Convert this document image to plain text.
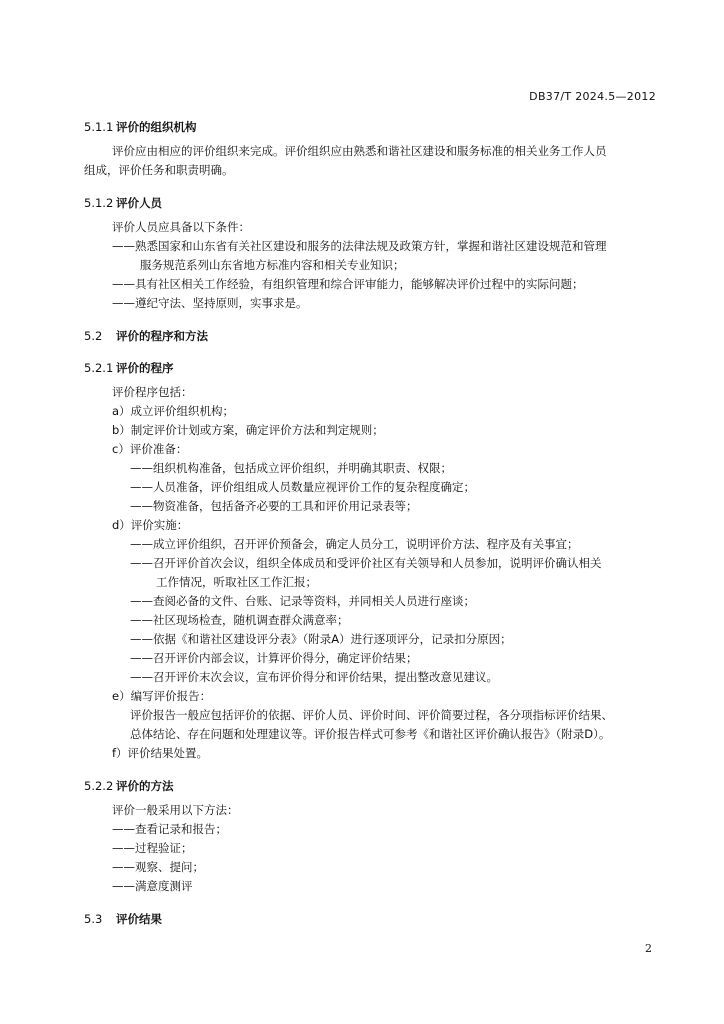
DB37/T 2024.5—2012

5.1.1 评价的组织机构

评价应由相应的评价组织来完成。评价组织应由熟悉和谐社区建设和服务标准的相关业务工作人员

组成，评价任务和职责明确。

5.1.2 评价人员

评价人员应具备以下条件：

——熟悉国家和山东省有关社区建设和服务的法律法规及政策方针，掌握和谐社区建设规范和管理

服务规范系列山东省地方标准内容和相关专业知识；

——具有社区相关工作经验，有组织管理和综合评审能力，能够解决评价过程中的实际问题；

——遵纪守法、坚持原则，实事求是。

5.2 评价的程序和方法

5.2.1 评价的程序

评价程序包括：

a）成立评价组织机构；

b）制定评价计划或方案，确定评价方法和判定规则；

c）评价准备：

——组织机构准备，包括成立评价组织，并明确其职责、权限；

——人员准备，评价组组成人员数量应视评价工作的复杂程度确定；

——物资准备，包括备齐必要的工具和评价用记录表等；

d）评价实施：

——成立评价组织，召开评价预备会，确定人员分工，说明评价方法、程序及有关事宜；

——召开评价首次会议，组织全体成员和受评价社区有关领导和人员参加，说明评价确认相关

工作情况，听取社区工作汇报；

——查阅必备的文件、台账、记录等资料，并同相关人员进行座谈；

——社区现场检查，随机调查群众满意率；

——依据《和谐社区建设评分表》（附录A）进行逐项评分，记录扣分原因；

——召开评价内部会议，计算评价得分，确定评价结果；

——召开评价末次会议，宣布评价得分和评价结果，提出整改意见建议。

e）编写评价报告：

评价报告一般应包括评价的依据、评价人员、评价时间、评价简要过程，各分项指标评价结果、

总体结论、存在问题和处理建议等。评价报告样式可参考《和谐社区评价确认报告》（附录D）。

f）评价结果处置。

5.2.2 评价的方法

评价一般采用以下方法：

——查看记录和报告；

——过程验证；

——观察、提问；

——满意度测评

5.3 评价结果

2
